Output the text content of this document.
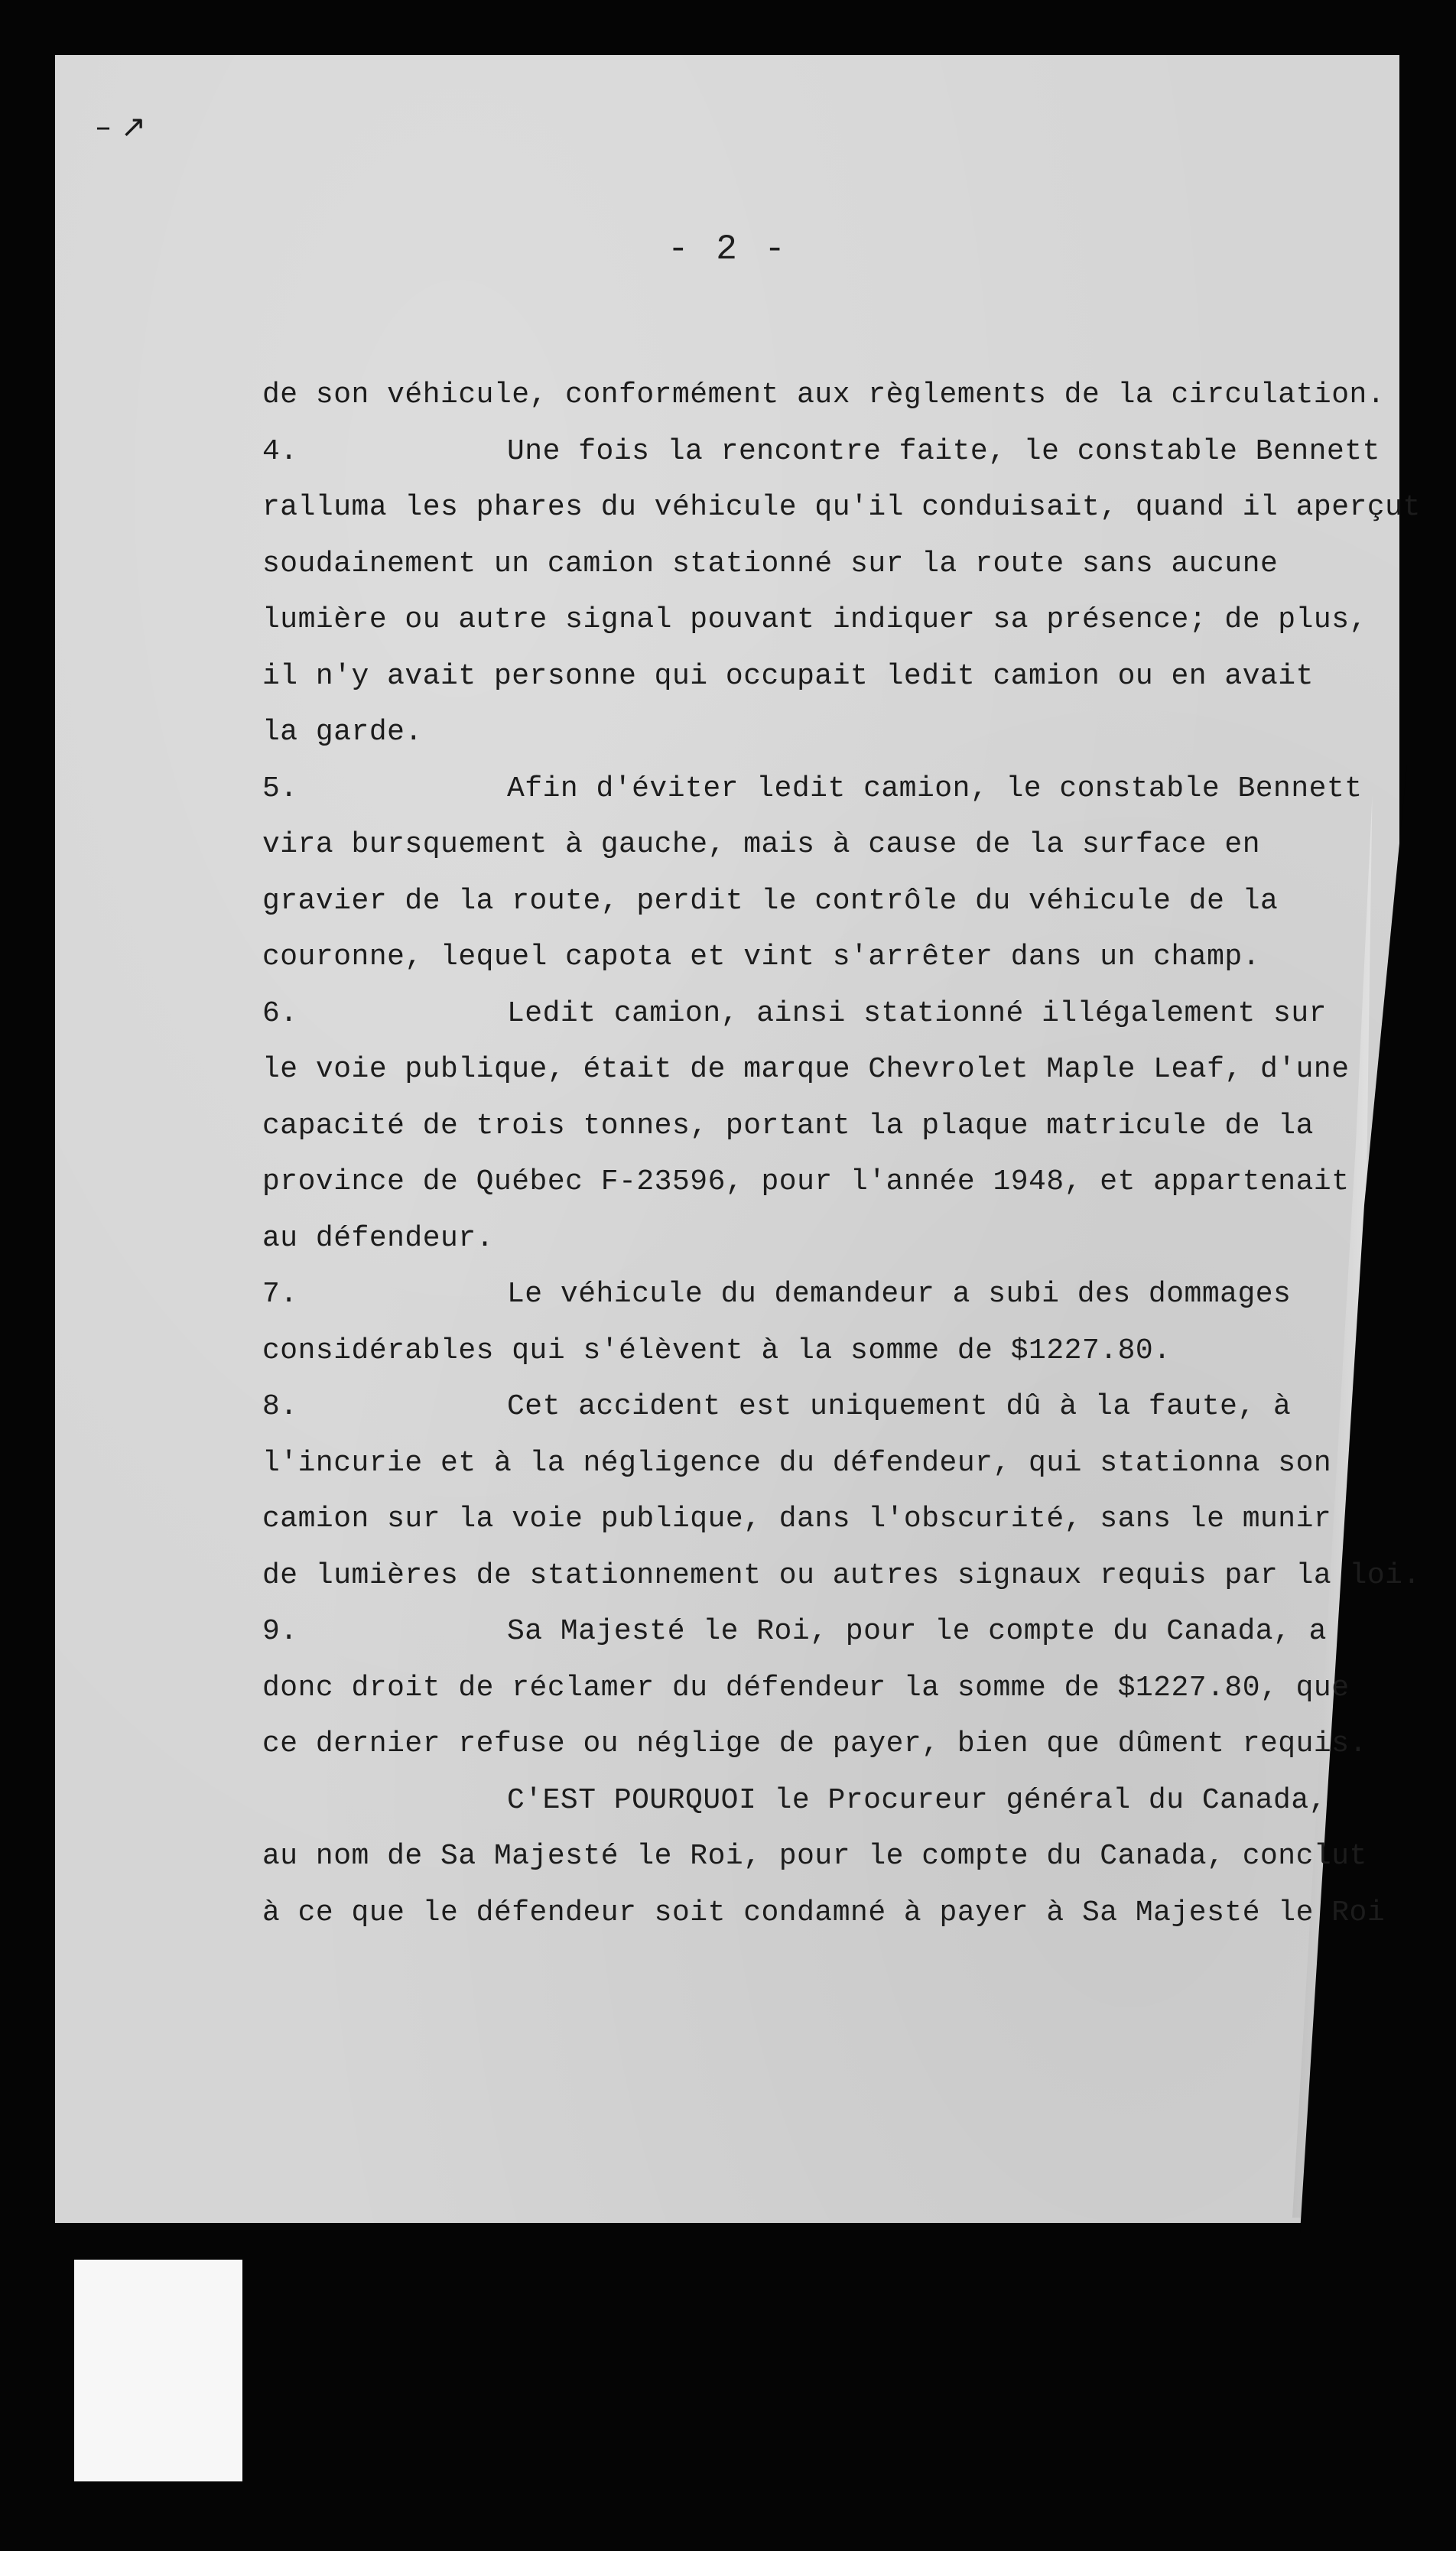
– ↗
- 2 -
de son véhicule, conformément aux règlements de la circulation.
4.	Une fois la rencontre faite, le constable Bennett
ralluma les phares du véhicule qu'il conduisait, quand il aperçut
soudainement un camion stationné sur la route sans aucune
lumière ou autre signal pouvant indiquer sa présence; de plus,
il n'y avait personne qui occupait ledit camion ou en avait
la garde.
5.	Afin d'éviter ledit camion, le constable Bennett
vira bursquement à gauche, mais à cause de la surface en
gravier de la route, perdit le contrôle du véhicule de la
couronne, lequel capota et vint s'arrêter dans un champ.
6.	Ledit camion, ainsi stationné illégalement sur
le voie publique, était de marque Chevrolet Maple Leaf, d'une
capacité de trois tonnes, portant la plaque matricule de la
province de Québec F-23596, pour l'année 1948, et appartenait
au défendeur.
7.	Le véhicule du demandeur a subi des dommages
considérables qui s'élèvent à la somme de $1227.80.
8.	Cet accident est uniquement dû à la faute, à
l'incurie et à la négligence du défendeur, qui stationna son
camion sur la voie publique, dans l'obscurité, sans le munir
de lumières de stationnement ou autres signaux requis par la loi.
9.	Sa Majesté le Roi, pour le compte du Canada, a
donc droit de réclamer du défendeur la somme de $1227.80, que
ce dernier refuse ou néglige de payer, bien que dûment requis.
C'EST POURQUOI le Procureur général du Canada,
au nom de Sa Majesté le Roi, pour le compte du Canada, conclut
à ce que le défendeur soit condamné à payer à Sa Majesté le Roi
